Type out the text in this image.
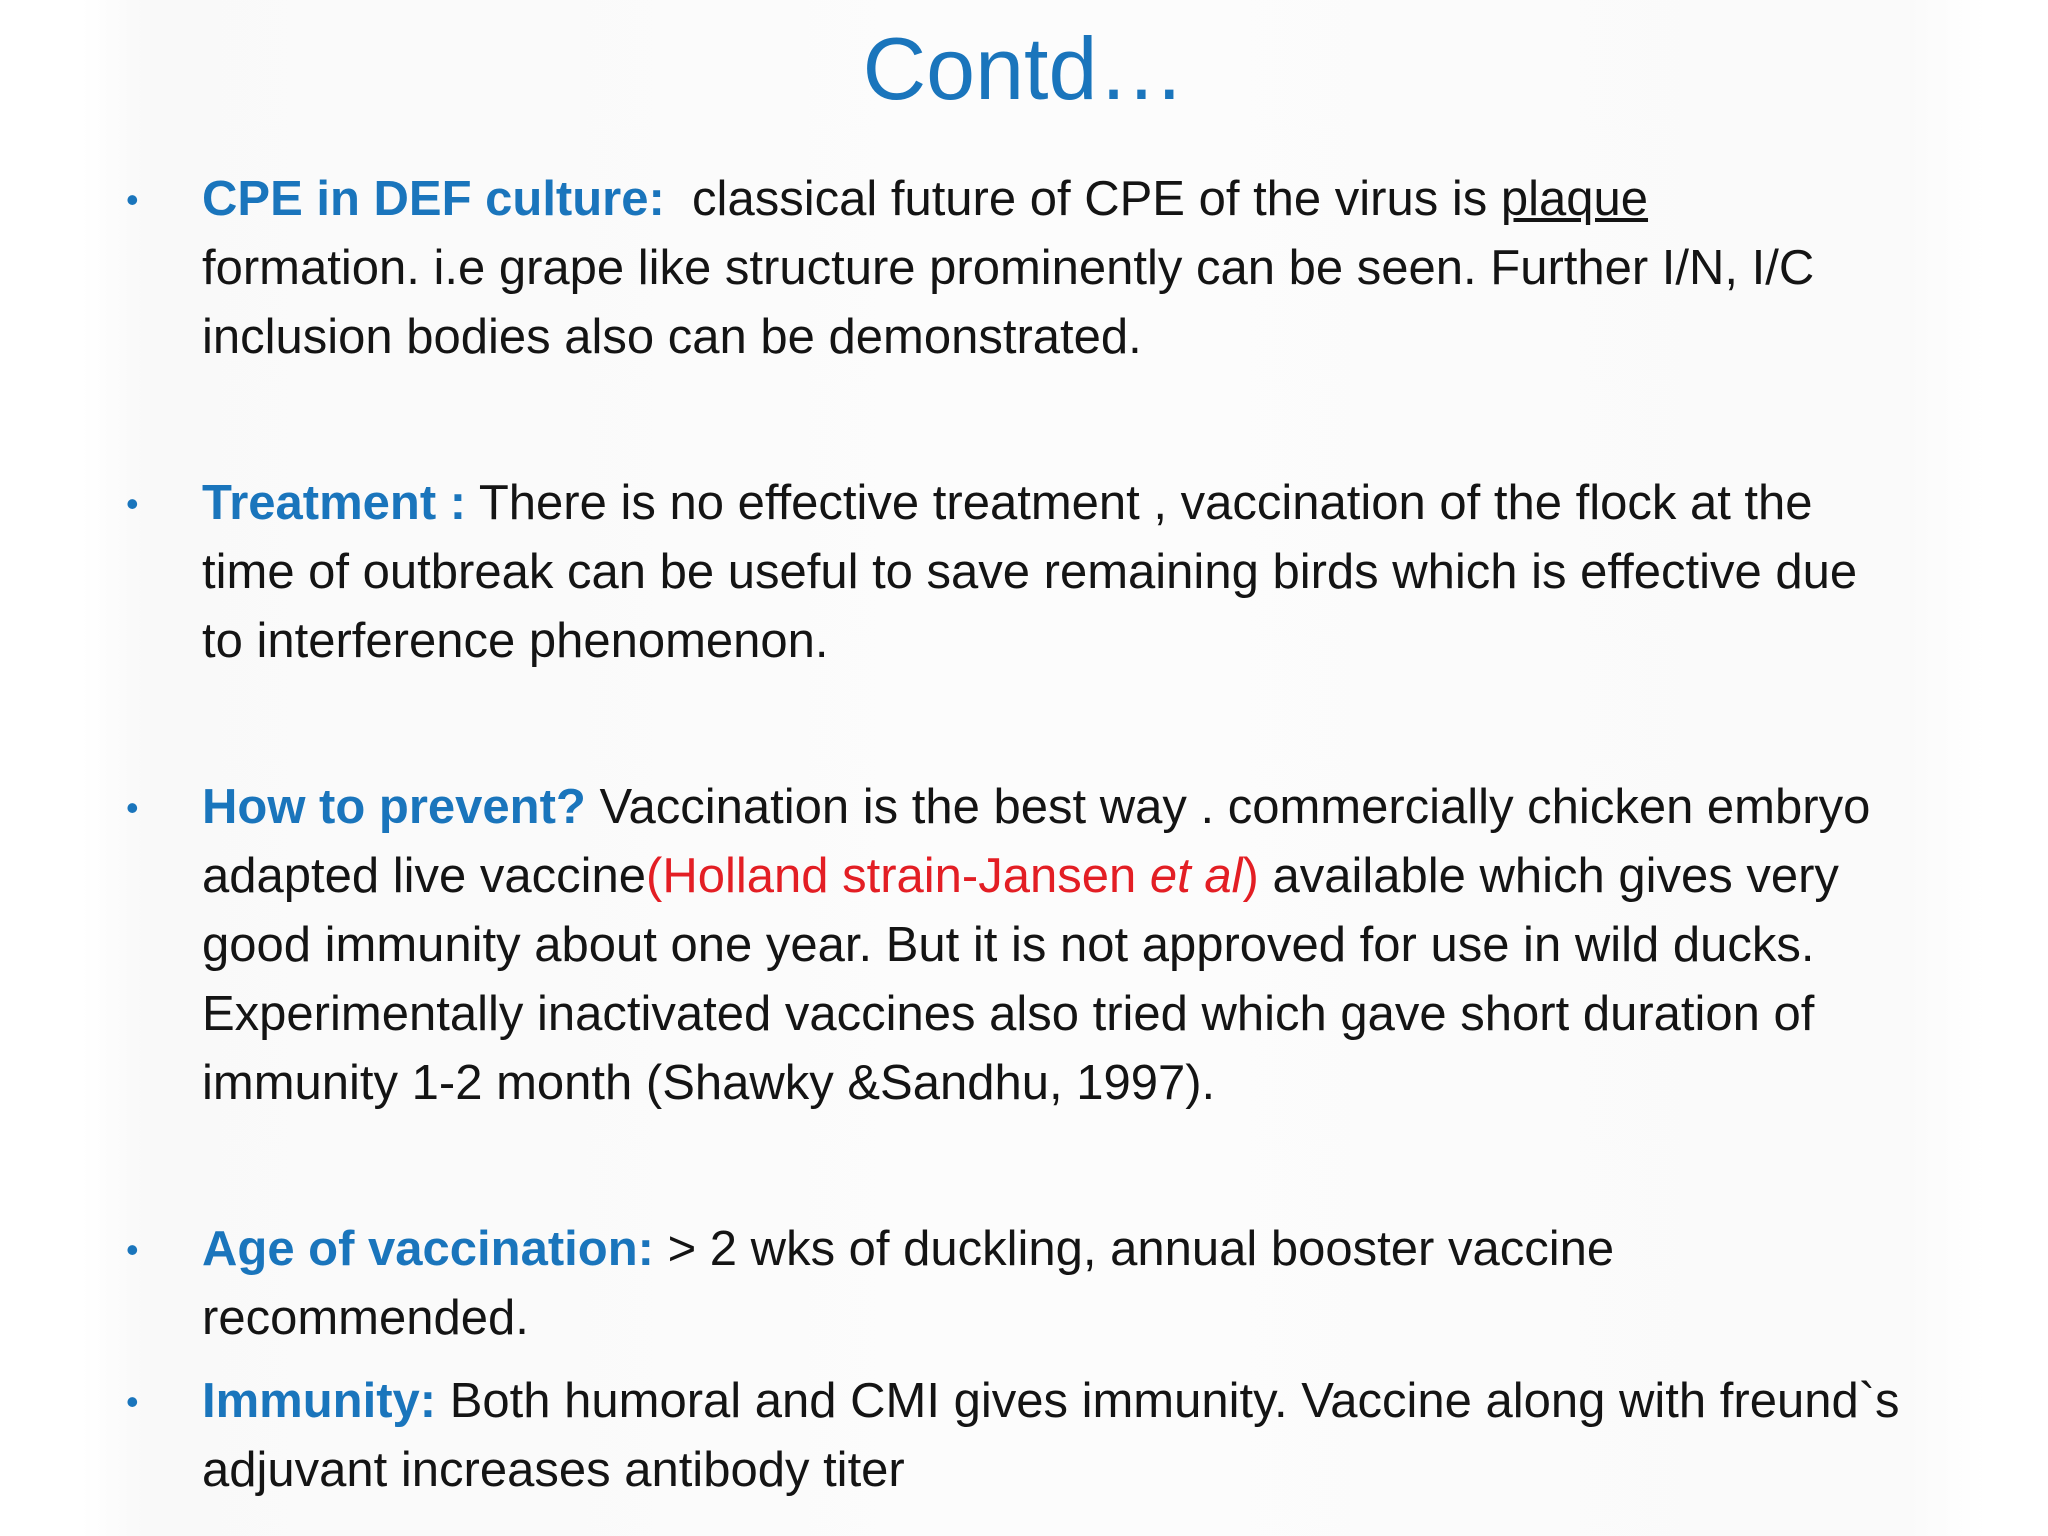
Contd…
• CPE in DEF culture:  classical future of CPE of the virus is plaque
formation. i.e grape like structure prominently can be seen. Further I/N, I/C inclusion bodies also can be demonstrated.
• Treatment : There is no effective treatment , vaccination of the flock at the time of outbreak can be useful to save remaining birds which is effective due to interference phenomenon.
• How to prevent? Vaccination is the best way . commercially chicken embryo adapted live vaccine(Holland strain-Jansen et al) available which gives very good immunity about one year. But it is not approved for use in wild ducks. Experimentally inactivated vaccines also tried which gave short duration of immunity 1-2 month (Shawky &Sandhu, 1997).
• Age of vaccination: > 2 wks of duckling, annual booster vaccine recommended.
• Immunity: Both humoral and CMI gives immunity. Vaccine along with freund`s adjuvant increases antibody titer
